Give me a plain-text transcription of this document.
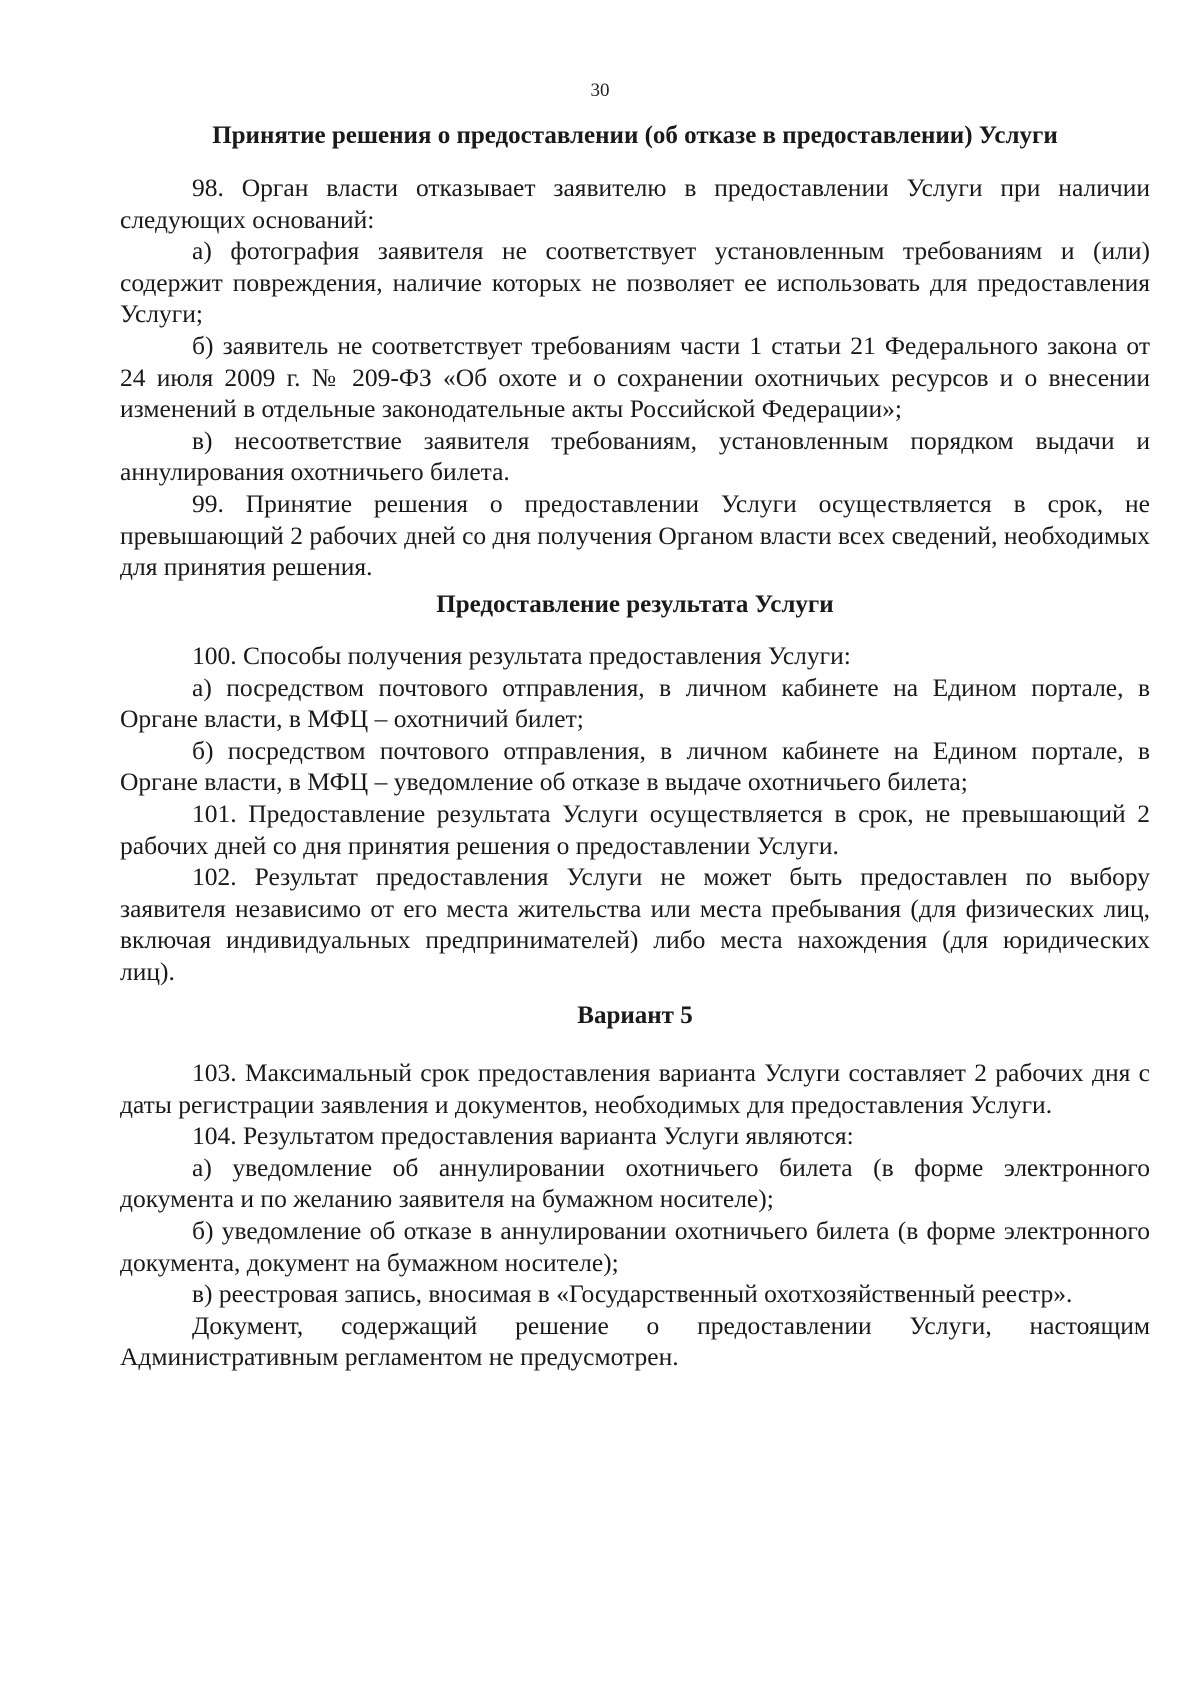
30
Принятие решения о предоставлении (об отказе в предоставлении) Услуги

98. Орган власти отказывает заявителю в предоставлении Услуги при наличии следующих оснований:

а) фотография заявителя не соответствует установленным требованиям и (или) содержит повреждения, наличие которых не позволяет ее использовать для предоставления Услуги;

б) заявитель не соответствует требованиям части 1 статьи 21 Федерального закона от 24 июля 2009 г. № 209-ФЗ «Об охоте и о сохранении охотничьих ресурсов и о внесении изменений в отдельные законодательные акты Российской Федерации»;

в) несоответствие заявителя требованиям, установленным порядком выдачи и аннулирования охотничьего билета.

99. Принятие решения о предоставлении Услуги осуществляется в срок, не превышающий 2 рабочих дней со дня получения Органом власти всех сведений, необходимых для принятия решения.

Предоставление результата Услуги

100. Способы получения результата предоставления Услуги:

а) посредством почтового отправления, в личном кабинете на Едином портале, в Органе власти, в МФЦ – охотничий билет;

б) посредством почтового отправления, в личном кабинете на Едином портале, в Органе власти, в МФЦ – уведомление об отказе в выдаче охотничьего билета;

101. Предоставление результата Услуги осуществляется в срок, не превышающий 2 рабочих дней со дня принятия решения о предоставлении Услуги.

102. Результат предоставления Услуги не может быть предоставлен по выбору заявителя независимо от его места жительства или места пребывания (для физических лиц, включая индивидуальных предпринимателей) либо места нахождения (для юридических лиц).

Вариант 5

103. Максимальный срок предоставления варианта Услуги составляет 2 рабочих дня с даты регистрации заявления и документов, необходимых для предоставления Услуги.

104. Результатом предоставления варианта Услуги являются:

а) уведомление об аннулировании охотничьего билета (в форме электронного документа и по желанию заявителя на бумажном носителе);

б) уведомление об отказе в аннулировании охотничьего билета (в форме электронного документа, документ на бумажном носителе);

в) реестровая запись, вносимая в «Государственный охотхозяйственный реестр».

Документ, содержащий решение о предоставлении Услуги, настоящим Административным регламентом не предусмотрен.
